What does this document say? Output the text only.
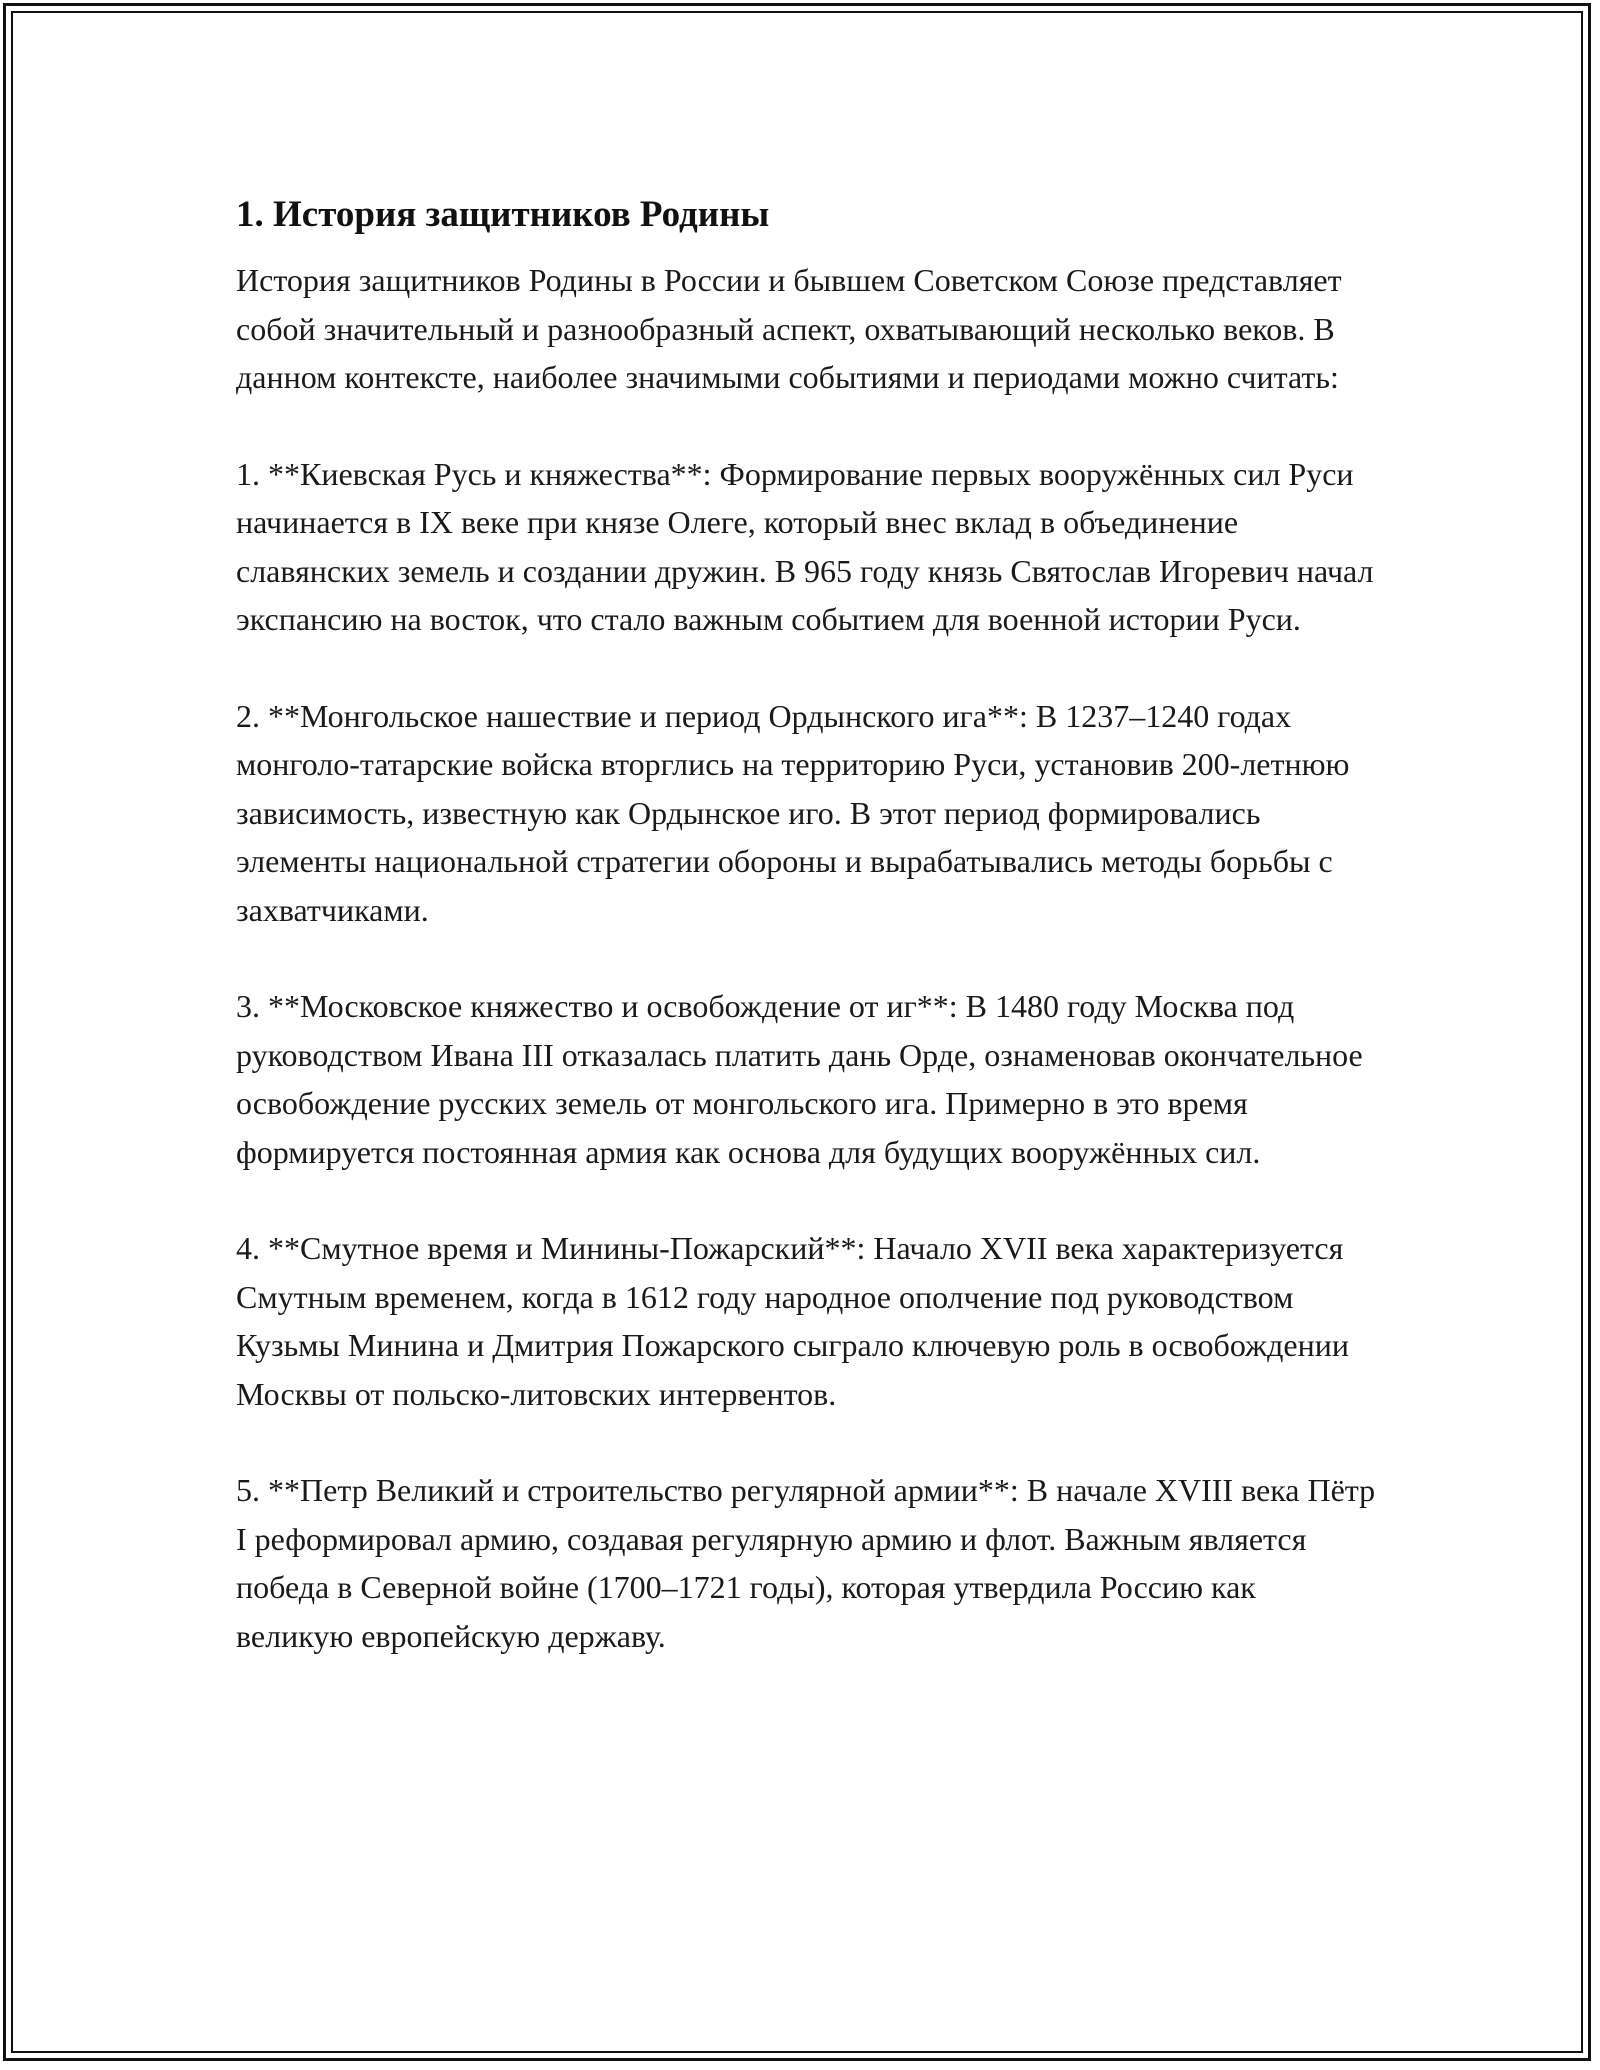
1. История защитников Родины

История защитников Родины в России и бывшем Советском Союзе представляет собой значительный и разнообразный аспект, охватывающий несколько веков. В данном контексте, наиболее значимыми событиями и периодами можно считать:

1. **Киевская Русь и княжества**: Формирование первых вооружённых сил Руси начинается в IX веке при князе Олеге, который внес вклад в объединение славянских земель и создании дружин. В 965 году князь Святослав Игоревич начал экспансию на восток, что стало важным событием для военной истории Руси.

2. **Монгольское нашествие и период Ордынского ига**: В 1237–1240 годах монголо-татарские войска вторглись на территорию Руси, установив 200-летнюю зависимость, известную как Ордынское иго. В этот период формировались элементы национальной стратегии обороны и вырабатывались методы борьбы с захватчиками.

3. **Московское княжество и освобождение от иг**: В 1480 году Москва под руководством Ивана III отказалась платить дань Орде, ознаменовав окончательное освобождение русских земель от монгольского ига. Примерно в это время формируется постоянная армия как основа для будущих вооружённых сил.

4. **Смутное время и Минины-Пожарский**: Начало XVII века характеризуется Смутным временем, когда в 1612 году народное ополчение под руководством Кузьмы Минина и Дмитрия Пожарского сыграло ключевую роль в освобождении Москвы от польско-литовских интервентов.

5. **Петр Великий и строительство регулярной армии**: В начале XVIII века Пётр I реформировал армию, создавая регулярную армию и флот. Важным является победа в Северной войне (1700–1721 годы), которая утвердила Россию как великую европейскую державу.
